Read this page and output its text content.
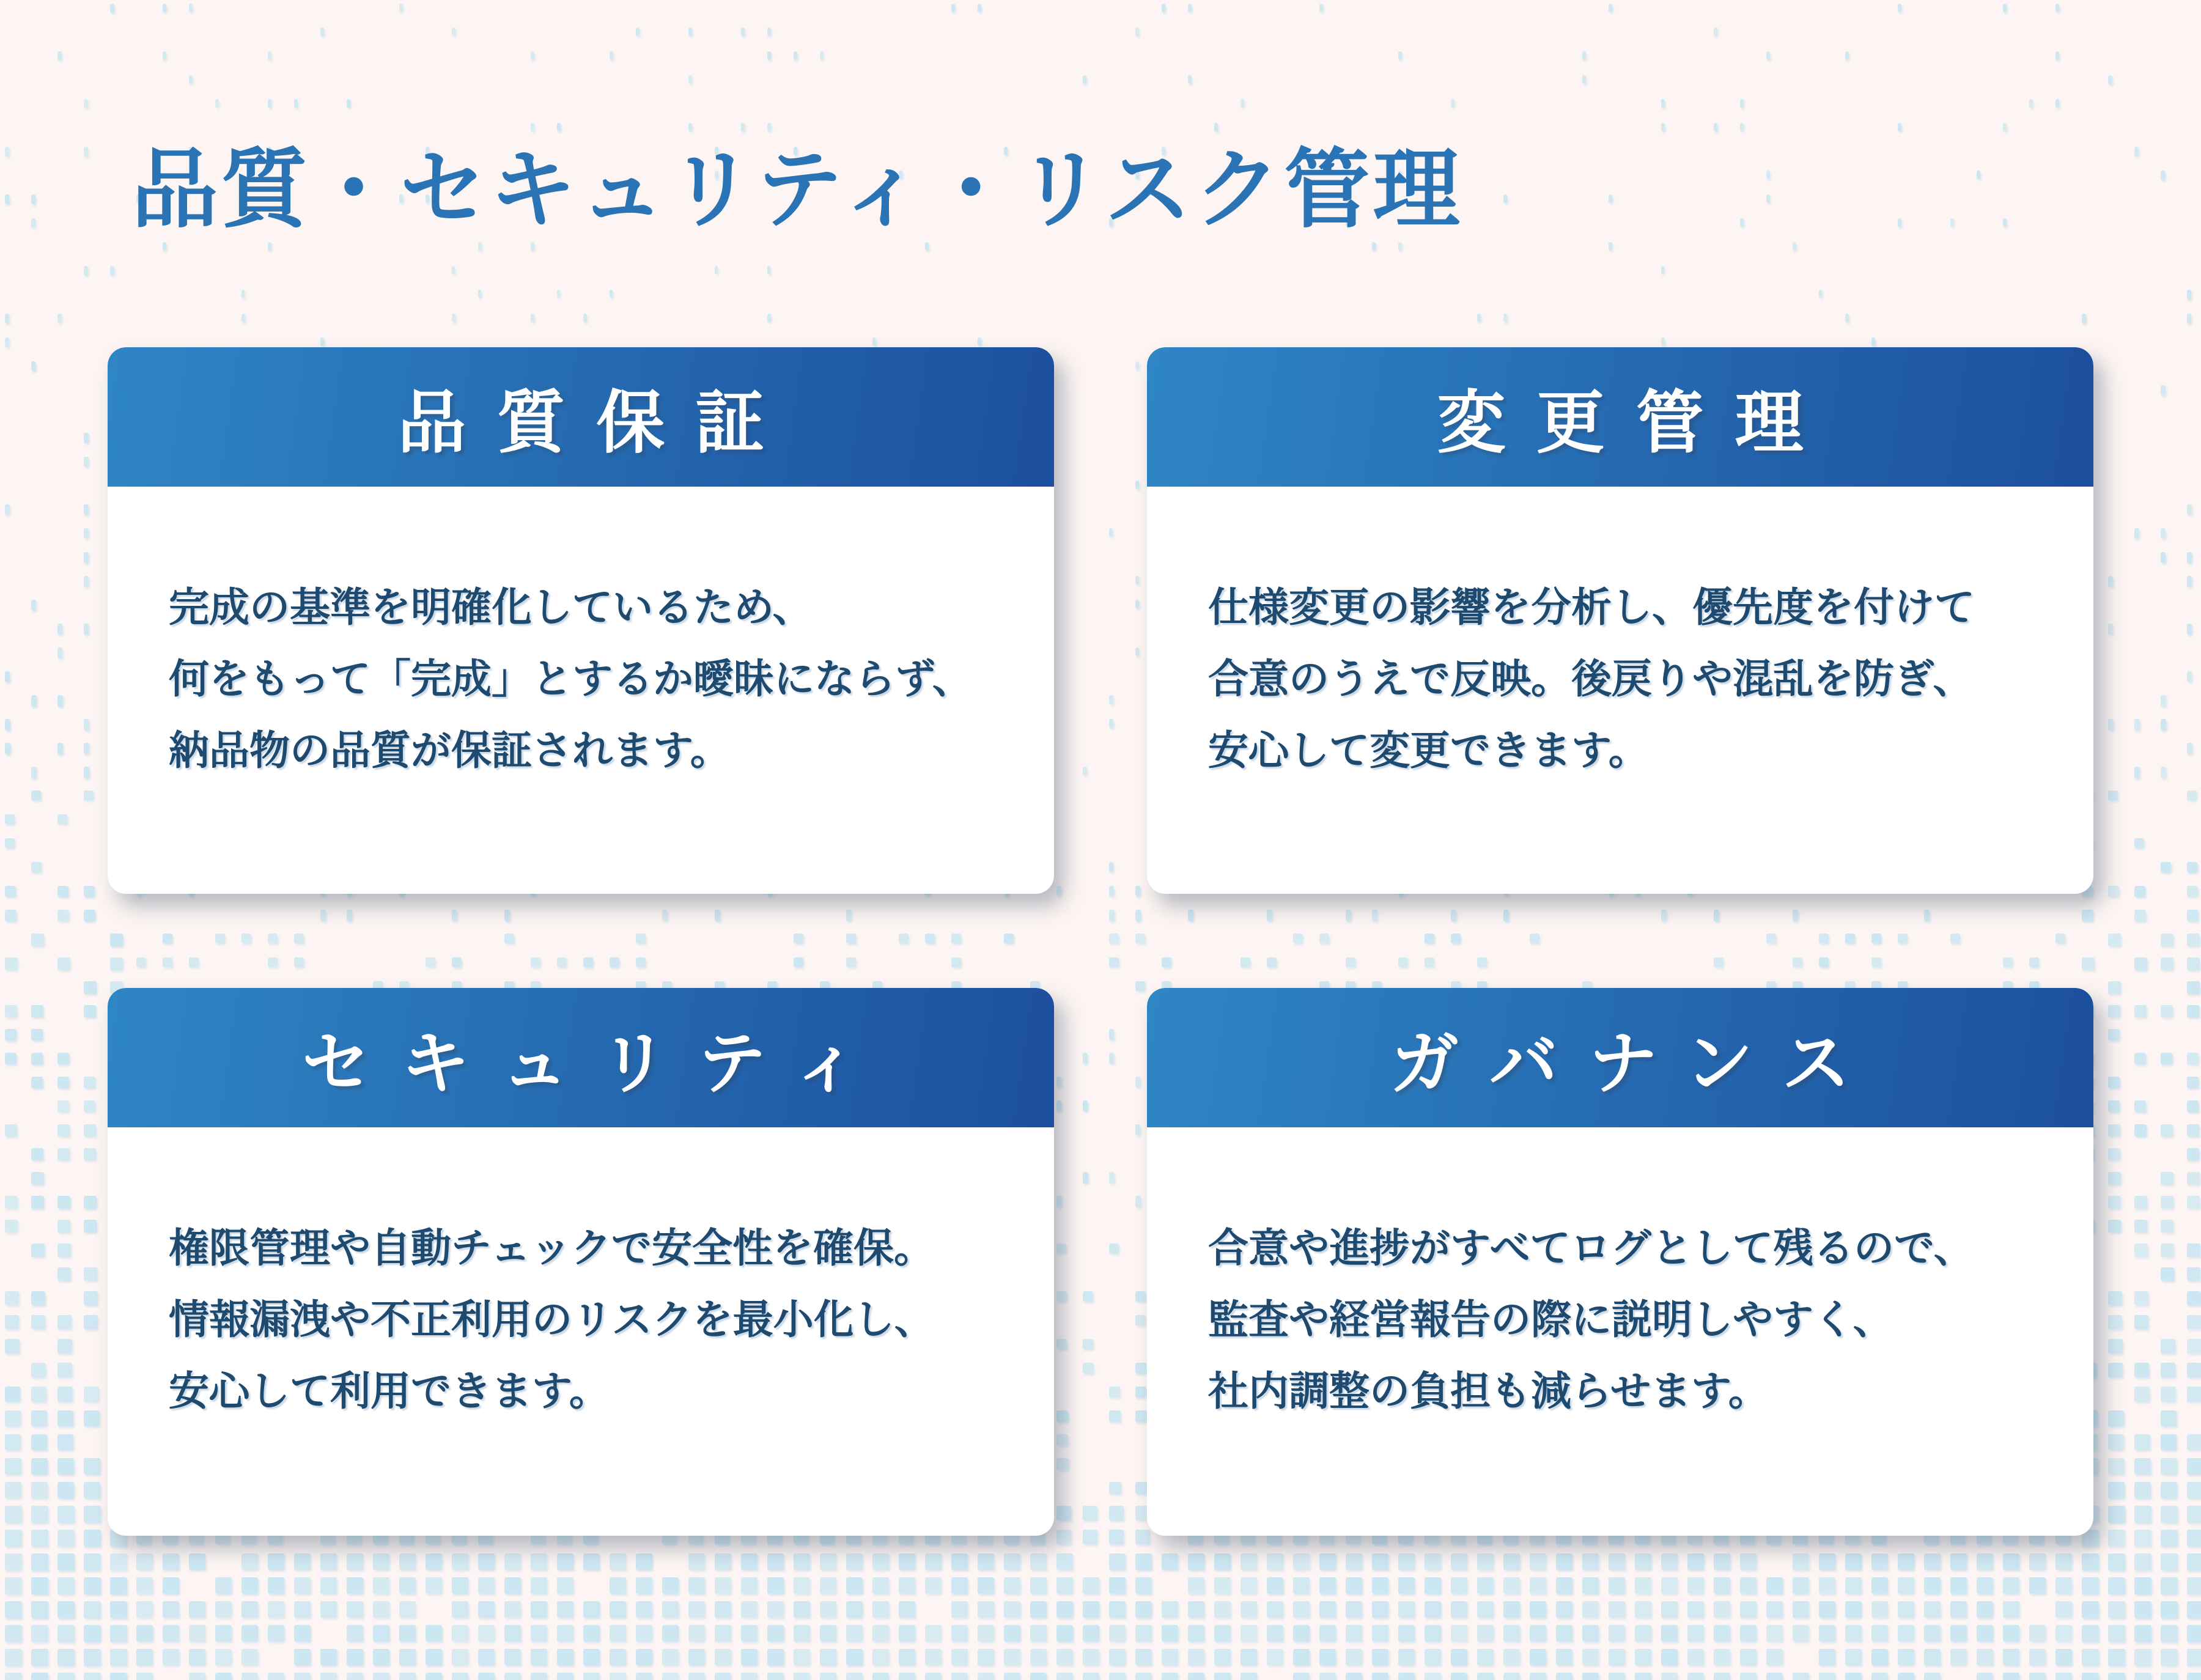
品質・セキュリティ・リスク管理
品質保証

完成の基準を明確化しているため、

何をもって「完成」とするか曖昧にならず、

納品物の品質が保証されます。

変更管理

仕様変更の影響を分析し、優先度を付けて

合意のうえで反映。後戻りや混乱を防ぎ、

安心して変更できます。

セキュリティ

権限管理や自動チェックで安全性を確保。

情報漏洩や不正利用のリスクを最小化し、

安心して利用できます。

ガバナンス

合意や進捗がすべてログとして残るので、

監査や経営報告の際に説明しやすく、

社内調整の負担も減らせます。
